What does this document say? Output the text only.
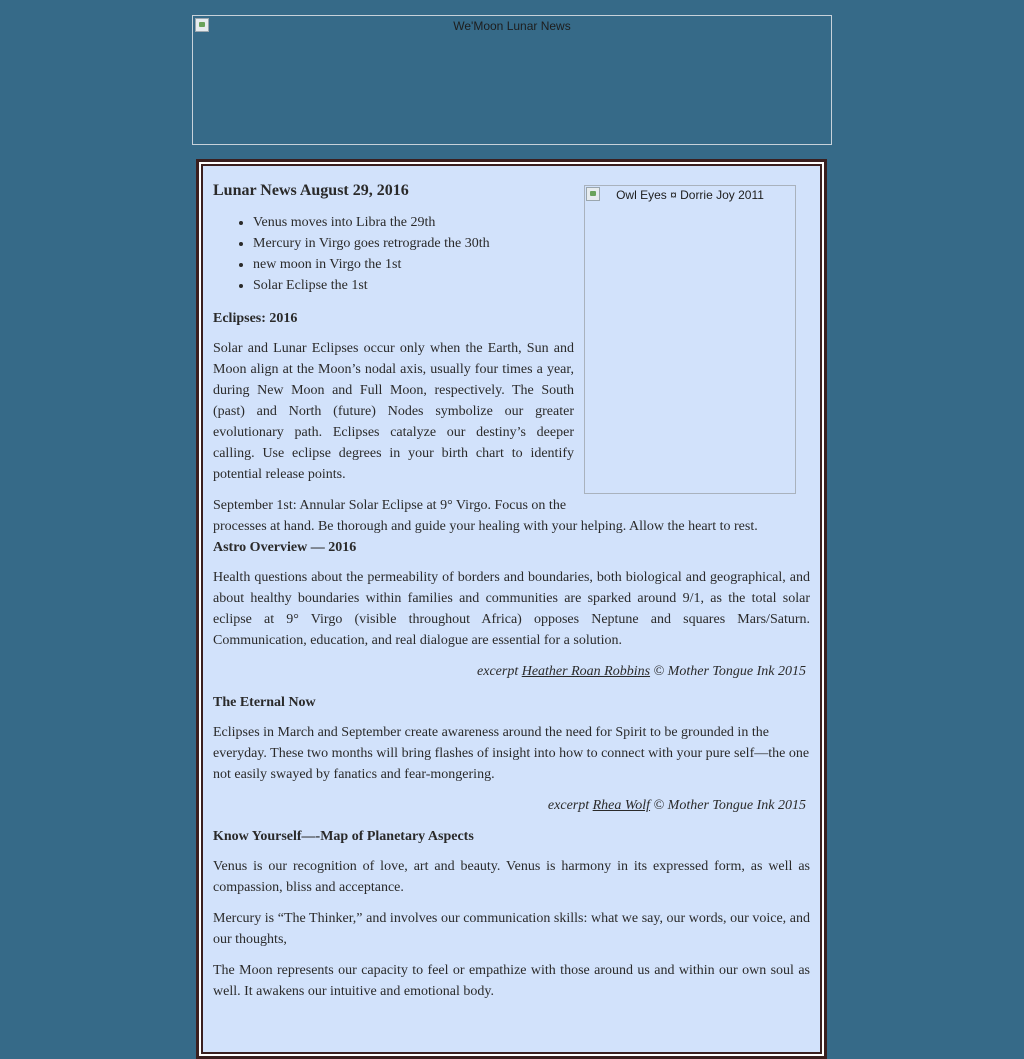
We'Moon Lunar News
Owl Eyes ¤ Dorrie Joy 2011
Lunar News August 29, 2016
• Venus moves into Libra the 29th
• Mercury in Virgo goes retrograde the 30th
• new moon in Virgo the 1st
• Solar Eclipse the 1st
Eclipses: 2016

Solar and Lunar Eclipses occur only when the Earth, Sun and Moon align at the Moon’s nodal axis, usually four times a year, during New Moon and Full Moon, respectively. The South (past) and North (future) Nodes symbolize our greater evolutionary path. Eclipses catalyze our destiny’s deeper calling. Use eclipse degrees in your birth chart to identify potential release points.

September 1st: Annular Solar Eclipse at 9° Virgo. Focus on the processes at hand. Be thorough and guide your healing with your helping. Allow the heart to rest.

Astro Overview — 2016

Health questions about the permeability of borders and boundaries, both biological and geographical, and about healthy boundaries within families and communities are sparked around 9/1, as the total solar eclipse at 9° Virgo (visible throughout Africa) opposes Neptune and squares Mars/Saturn. Communication, education, and real dialogue are essential for a solution.

excerpt Heather Roan Robbins © Mother Tongue Ink 2015

The Eternal Now

Eclipses in March and September create awareness around the need for Spirit to be grounded in the everyday. These two months will bring flashes of insight into how to connect with your pure self—the one not easily swayed by fanatics and fear-mongering.

excerpt Rhea Wolf © Mother Tongue Ink 2015

Know Yourself—-Map of Planetary Aspects

Venus is our recognition of love, art and beauty. Venus is harmony in its expressed form, as well as compassion, bliss and acceptance.

Mercury is “The Thinker,” and involves our communication skills: what we say, our words, our voice, and our thoughts,

The Moon represents our capacity to feel or empathize with those around us and within our own soul as well. It awakens our intuitive and emotional body.
